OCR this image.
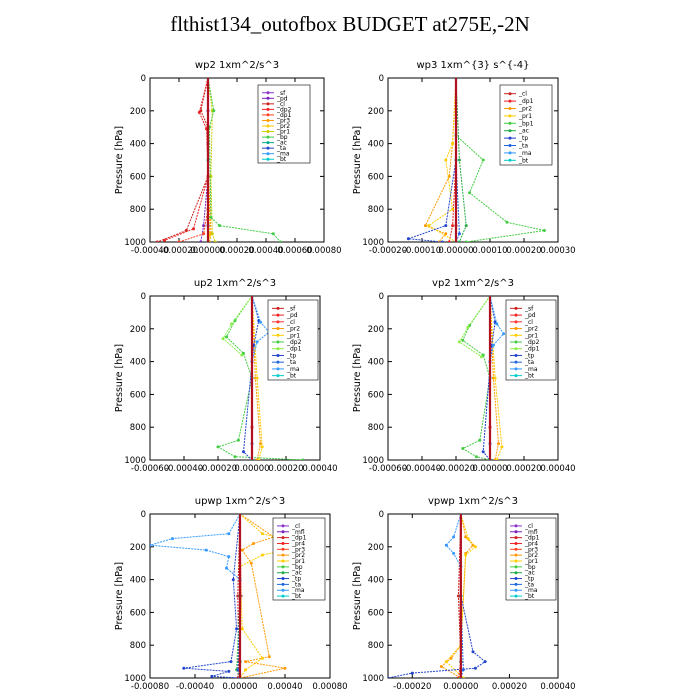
flthist134_outofbox BUDGET at275E,-2N
wp2 1xm^2/s^3
0
200
400
600
800
1000
-0.00040
-0.00020
0.00000
0.00020
0.00040
0.00060
0.00080
Pressure [hPa]
_sf
_pd
_cl
_dp2
_dp1
_pr3
_pr2
_pr1
_bp
_ac
_ta
_ma
_bt
wp3 1xm^{3} s^{-4}
0
200
400
600
800
1000
-0.00020
-0.00010
0.00000
0.00010
0.00020
0.00030
Pressure [hPa]
_cl
_dp1
_pr2
_pr1
_bp1
_ac
_tp
_ta
_ma
_bt
up2 1xm^2/s^3
0
200
400
600
800
1000
-0.00060
-0.00040
-0.00020
0.00000
0.00020
0.00040
Pressure [hPa]
_sf
_pd
_cl
_pr2
_pr1
_dp2
_dp1
_tp
_ta
_ma
_bt
vp2 1xm^2/s^3
0
200
400
600
800
1000
-0.00060
-0.00040
-0.00020
0.00000
0.00020
0.00040
Pressure [hPa]
_sf
_pd
_cl
_pr2
_pr1
_dp2
_dp1
_tp
_ta
_ma
_bt
upwp 1xm^2/s^3
0
200
400
600
800
1000
-0.00080 -0.00040 0.00000 0.00040 0.00080
Pressure [hPa]
_cl
_mfl
_dp1
_pr4
_pr3
_pr2
_pr1
_bp
_ac
_tp
_ta
_ma
_bt
vpwp 1xm^2/s^3
0
200
400
600
800
1000
-0.00020 0.00000 0.00020 0.00040
Pressure [hPa]
_cl
_mfl
_dp1
_pr4
_pr3
_pr2
_pr1
_bp
_ac
_tp
_ta
_ma
_bt
